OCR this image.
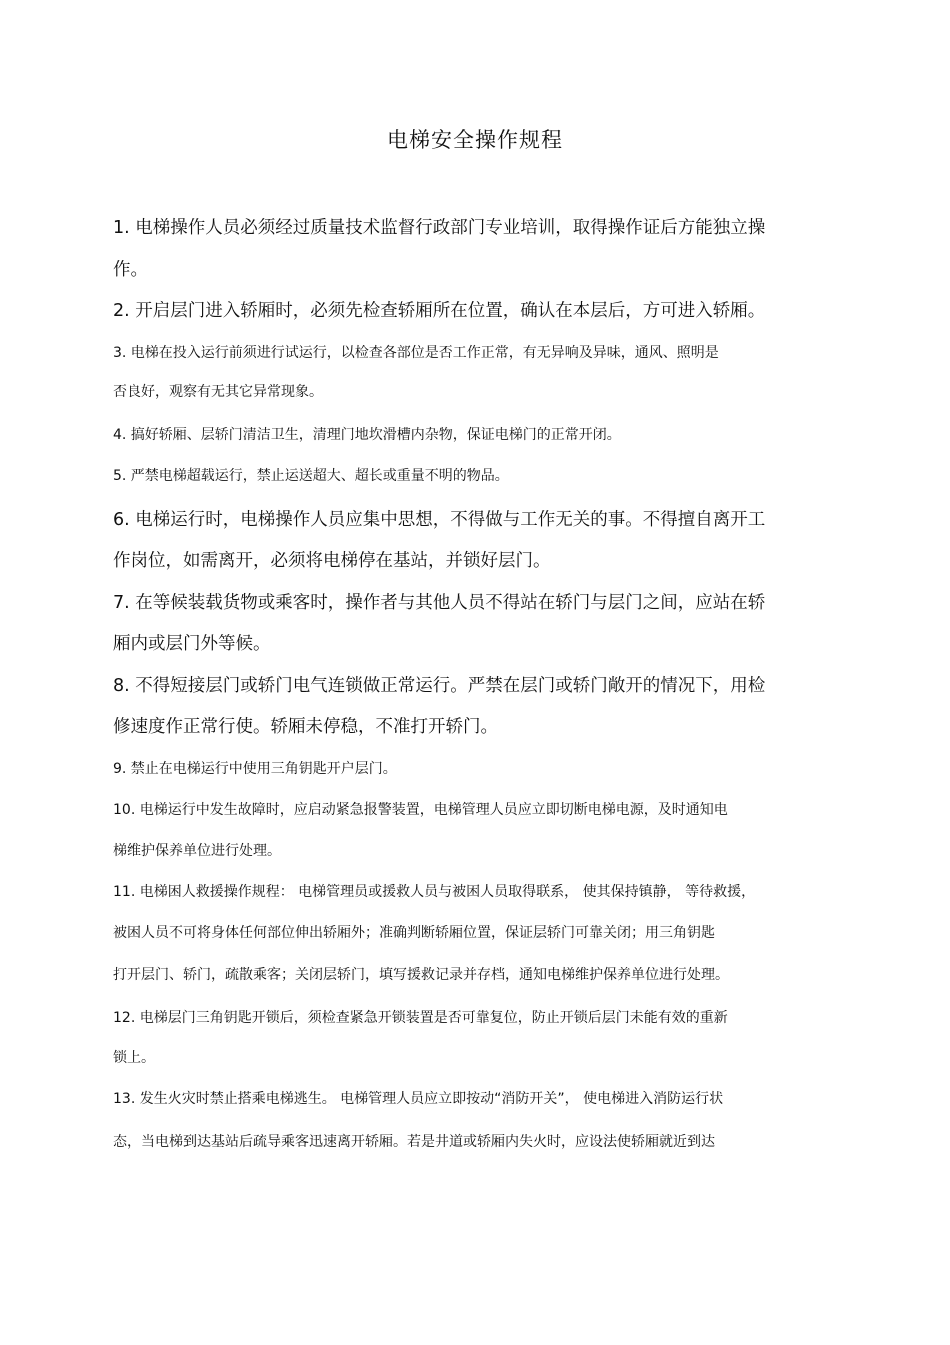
电梯安全操作规程
1. 电梯操作人员必须经过质量技术监督行政部门专业培训，取得操作证后方能独立操
作。
2. 开启层门进入轿厢时，必须先检查轿厢所在位置，确认在本层后，方可进入轿厢。
3. 电梯在投入运行前须进行试运行，以检查各部位是否工作正常，有无异响及异味，通风、照明是
否良好，观察有无其它异常现象。
4. 搞好轿厢、层轿门清洁卫生，清理门地坎滑槽内杂物，保证电梯门的正常开闭。
5. 严禁电梯超载运行，禁止运送超大、超长或重量不明的物品。
6. 电梯运行时，电梯操作人员应集中思想，不得做与工作无关的事。不得擅自离开工
作岗位，如需离开，必须将电梯停在基站，并锁好层门。
7. 在等候装载货物或乘客时，操作者与其他人员不得站在轿门与层门之间，应站在轿
厢内或层门外等候。
8. 不得短接层门或轿门电气连锁做正常运行。严禁在层门或轿门敞开的情况下，用检
修速度作正常行使。轿厢未停稳，不准打开轿门。
9. 禁止在电梯运行中使用三角钥匙开户层门。
10. 电梯运行中发生故障时，应启动紧急报警装置，电梯管理人员应立即切断电梯电源，及时通知电
梯维护保养单位进行处理。
11. 电梯困人救援操作规程： 电梯管理员或援救人员与被困人员取得联系， 使其保持镇静， 等待救援，
被困人员不可将身体任何部位伸出轿厢外；准确判断轿厢位置，保证层轿门可靠关闭；用三角钥匙
打开层门、轿门，疏散乘客；关闭层轿门，填写援救记录并存档，通知电梯维护保养单位进行处理。
12. 电梯层门三角钥匙开锁后，须检查紧急开锁装置是否可靠复位，防止开锁后层门未能有效的重新
锁上。
13. 发生火灾时禁止搭乘电梯逃生。 电梯管理人员应立即按动“消防开关”， 使电梯进入消防运行状
态，当电梯到达基站后疏导乘客迅速离开轿厢。若是井道或轿厢内失火时，应设法使轿厢就近到达
